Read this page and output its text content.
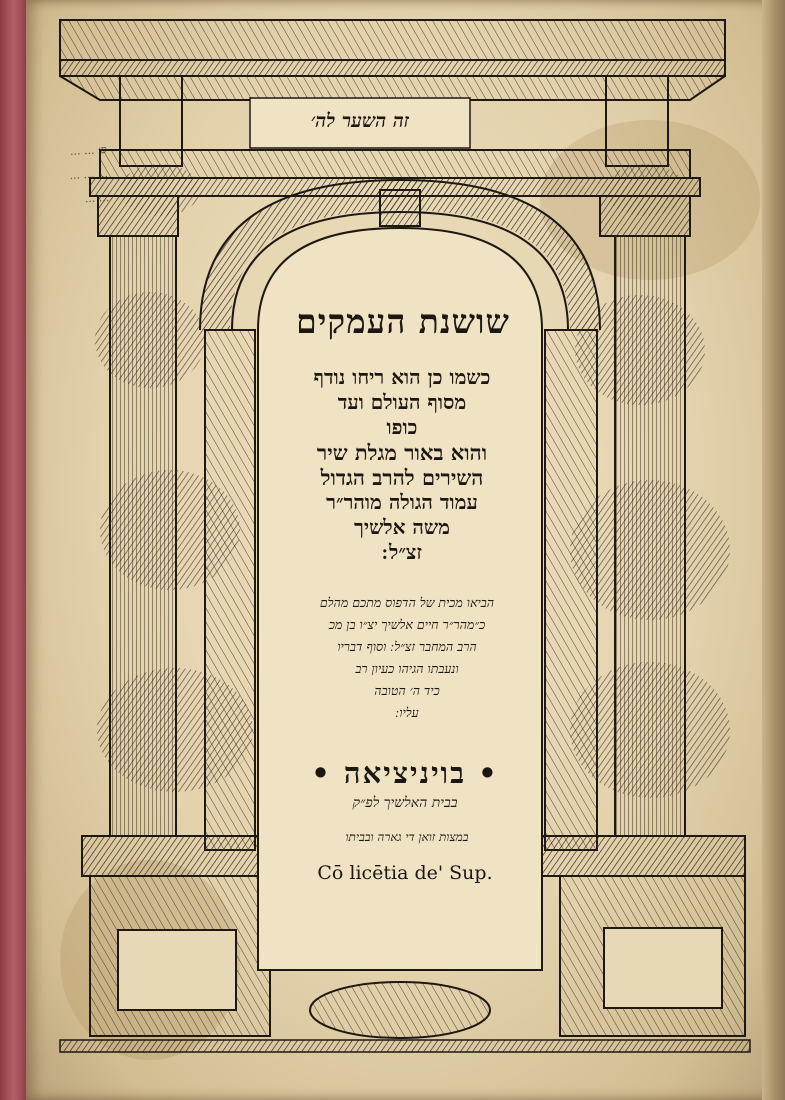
ס׳ ... ...
... ... ...
... ...

זה השער לה׳

שושנת העמקים
כשמו כן הוא ריחו נודף
מסוף העולם ועד
כופו
והוא באור מגלת שיר
השירים להרב הגדול
עמוד הגולה מוהר״ר
משה אלשיך
זצ״ל ׃
הביאו מכית של הדפוס מתכם מהלם
כ״מהר״ר חיים אלשיך יצ״ו בן מכ
הרב המחבר זצ״ל ׃ וסוף דבריו
ונעבתו הגיהו כעיון רב
כיד ה׳ הטובה
עליו ׃

• בויניציאה •

בבית האלשיך לפ״ק

במצות זואן די גארה ובביתו

Cō licētia de' Sup.
